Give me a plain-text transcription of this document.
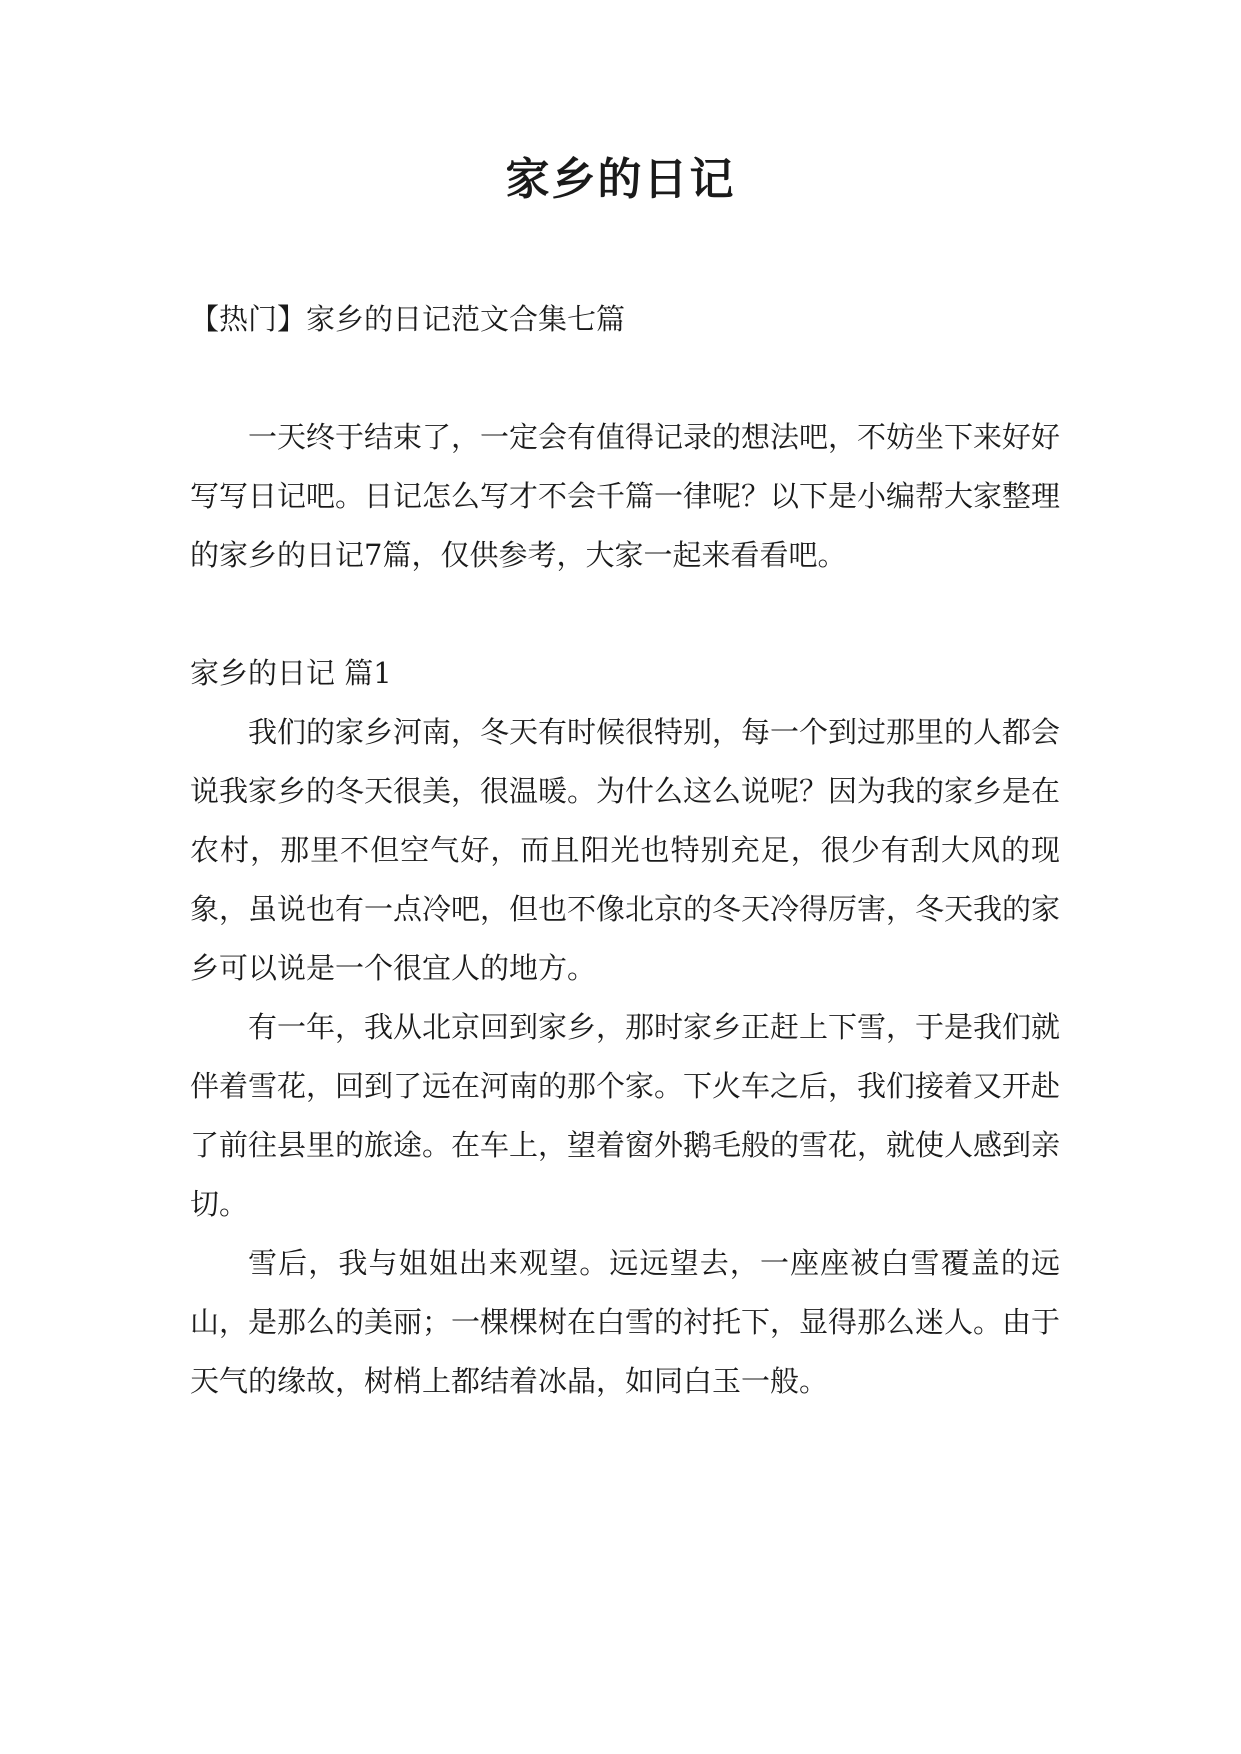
家乡的日记

【热门】家乡的日记范文合集七篇

一天终于结束了，一定会有值得记录的想法吧，不妨坐下来好好写写日记吧。日记怎么写才不会千篇一律呢？以下是小编帮大家整理的家乡的日记7篇，仅供参考，大家一起来看看吧。

家乡的日记 篇1

我们的家乡河南，冬天有时候很特别，每一个到过那里的人都会说我家乡的冬天很美，很温暖。为什么这么说呢？因为我的家乡是在农村，那里不但空气好，而且阳光也特别充足，很少有刮大风的现象，虽说也有一点冷吧，但也不像北京的冬天冷得厉害，冬天我的家乡可以说是一个很宜人的地方。

有一年，我从北京回到家乡，那时家乡正赶上下雪，于是我们就伴着雪花，回到了远在河南的那个家。下火车之后，我们接着又开赴了前往县里的旅途。在车上，望着窗外鹅毛般的雪花，就使人感到亲切。

雪后，我与姐姐出来观望。远远望去，一座座被白雪覆盖的远山，是那么的美丽；一棵棵树在白雪的衬托下，显得那么迷人。由于天气的缘故，树梢上都结着冰晶，如同白玉一般。
